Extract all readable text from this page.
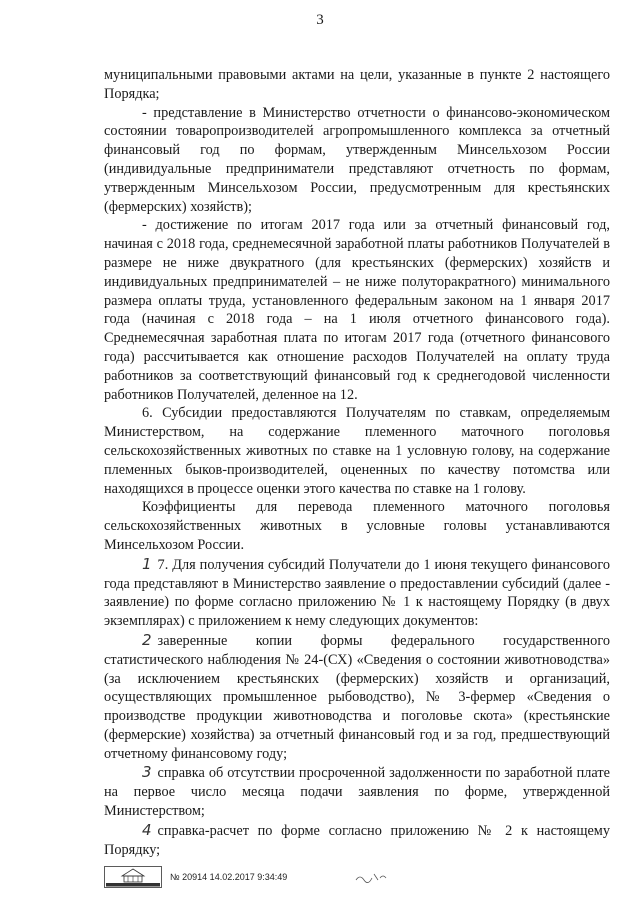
3

муниципальными правовыми актами на цели, указанные в пункте 2 настоящего Порядка;

- представление в Министерство отчетности о финансово-экономическом состоянии товаропроизводителей агропромышленного комплекса за отчетный финансовый год по формам, утвержденным Минсельхозом России (индивидуальные предприниматели представляют отчетность по формам, утвержденным Минсельхозом России, предусмотренным для крестьянских (фермерских) хозяйств);

- достижение по итогам 2017 года или за отчетный финансовый год, начиная с 2018 года, среднемесячной заработной платы работников Получателей в размере не ниже двукратного (для крестьянских (фермерских) хозяйств и индивидуальных предпринимателей – не ниже полуторакратного) минимального размера оплаты труда, установленного федеральным законом на 1 января 2017 года (начиная с 2018 года – на 1 июля отчетного финансового года). Среднемесячная заработная плата по итогам 2017 года (отчетного финансового года) рассчитывается как отношение расходов Получателей на оплату труда работников за соответствующий финансовый год к среднегодовой численности работников Получателей, деленное на 12.

6. Субсидии предоставляются Получателям по ставкам, определяемым Министерством, на содержание племенного маточного поголовья сельскохозяйственных животных по ставке на 1 условную голову, на содержание племенных быков-производителей, оцененных по качеству потомства или находящихся в процессе оценки этого качества по ставке на 1 голову.

Коэффициенты для перевода племенного маточного поголовья сельскохозяйственных животных в условные головы устанавливаются Минсельхозом России.

1 7. Для получения субсидий Получатели до 1 июня текущего финансового года представляют в Министерство заявление о предоставлении субсидий (далее - заявление) по форме согласно приложению № 1 к настоящему Порядку (в двух экземплярах) с приложением к нему следующих документов:

2 заверенные копии формы федерального государственного статистического наблюдения № 24-(СХ) «Сведения о состоянии животноводства» (за исключением крестьянских (фермерских) хозяйств и организаций, осуществляющих промышленное рыбоводство), № 3-фермер «Сведения о производстве продукции животноводства и поголовье скота» (крестьянские (фермерские) хозяйства) за отчетный финансовый год и за год, предшествующий отчетному финансовому году;

3 справка об отсутствии просроченной задолженности по заработной плате на первое число месяца подачи заявления по форме, утвержденной Министерством;

4 справка-расчет по форме согласно приложению № 2 к настоящему Порядку;

№ 20914 14.02.2017 9:34:49
